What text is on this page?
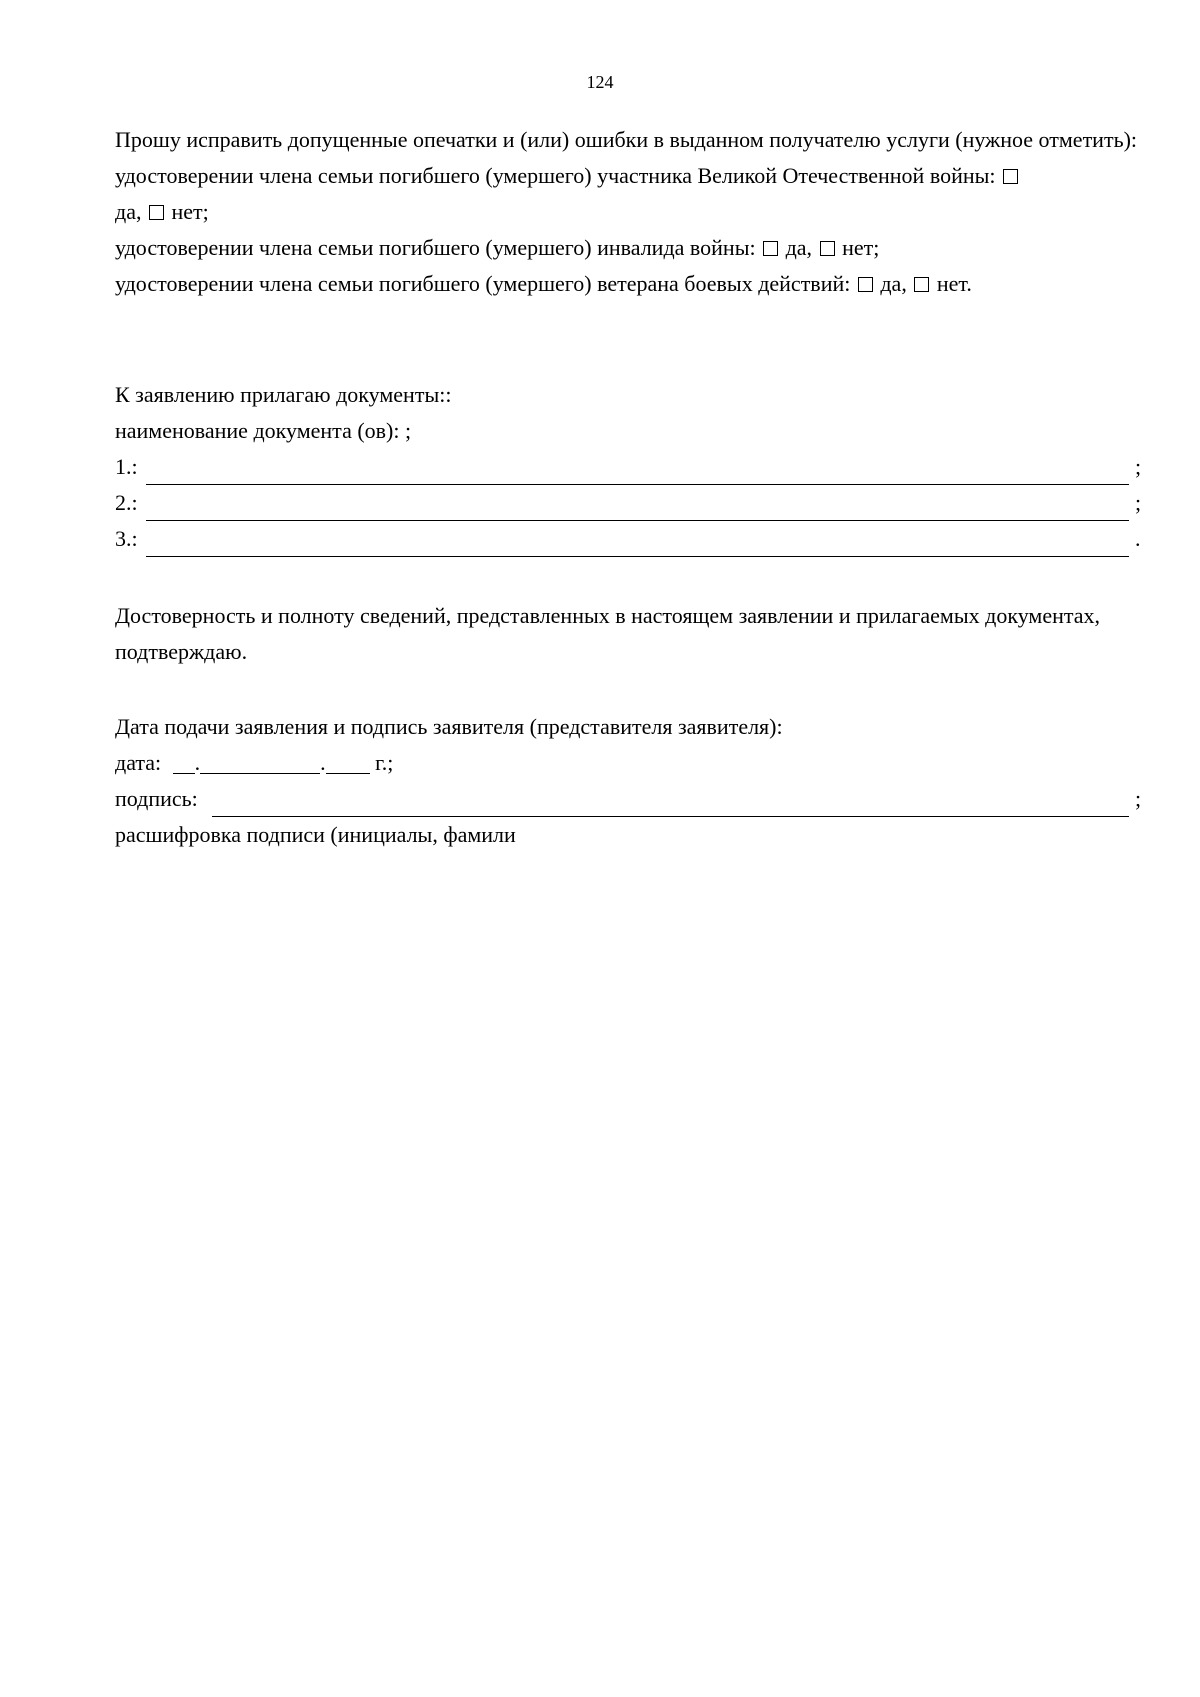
124
Прошу исправить допущенные опечатки и (или) ошибки в выданном получателю услуги (нужное отметить):
удостоверении члена семьи погибшего (умершего) участника Великой Отечественной войны:
да, нет;
удостоверении члена семьи погибшего (умершего) инвалида войны: да, нет;
удостоверении члена семьи погибшего (умершего) ветерана боевых действий: да, нет.
К заявлению прилагаю документы::
наименование документа (ов): ;
1.:	;
2.:	;
3.:	.
Достоверность и полноту сведений, представленных в настоящем заявлении и прилагаемых документах, подтверждаю.
Дата подачи заявления и подпись заявителя (представителя заявителя):
дата: .	. г.;
подпись:	;
расшифровка подписи (инициалы, фамили
